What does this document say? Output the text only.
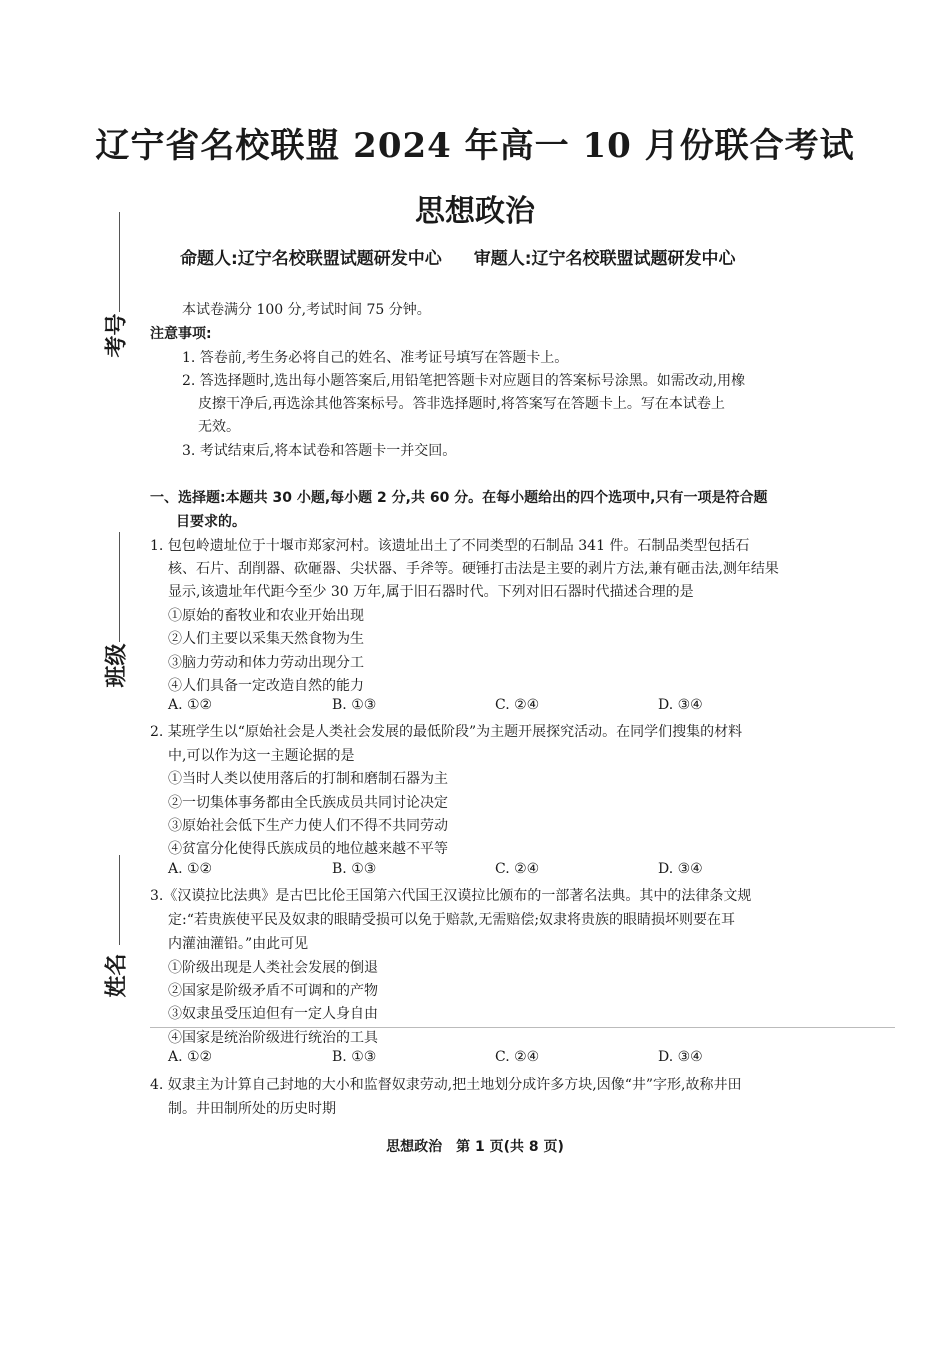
辽宁省名校联盟 2024 年高一 10 月份联合考试
思想政治
命题人:辽宁名校联盟试题研发中心 审题人:辽宁名校联盟试题研发中心
考号
班级
姓名
本试卷满分 100 分,考试时间 75 分钟。
注意事项:
1. 答卷前,考生务必将自己的姓名、准考证号填写在答题卡上。
2. 答选择题时,选出每小题答案后,用铅笔把答题卡对应题目的答案标号涂黑。如需改动,用橡
皮擦干净后,再选涂其他答案标号。答非选择题时,将答案写在答题卡上。写在本试卷上
无效。
3. 考试结束后,将本试卷和答题卡一并交回。
一、选择题:本题共 30 小题,每小题 2 分,共 60 分。在每小题给出的四个选项中,只有一项是符合题
目要求的。
1. 包包岭遗址位于十堰市郑家河村。该遗址出土了不同类型的石制品 341 件。石制品类型包括石
核、石片、刮削器、砍砸器、尖状器、手斧等。硬锤打击法是主要的剥片方法,兼有砸击法,测年结果
显示,该遗址年代距今至少 30 万年,属于旧石器时代。下列对旧石器时代描述合理的是
①原始的畜牧业和农业开始出现
②人们主要以采集天然食物为生
③脑力劳动和体力劳动出现分工
④人们具备一定改造自然的能力
A. ①②	B. ①③	C. ②④	D. ③④
2. 某班学生以“原始社会是人类社会发展的最低阶段”为主题开展探究活动。在同学们搜集的材料
中,可以作为这一主题论据的是
①当时人类以使用落后的打制和磨制石器为主
②一切集体事务都由全氏族成员共同讨论决定
③原始社会低下生产力使人们不得不共同劳动
④贫富分化使得氏族成员的地位越来越不平等
A. ①②	B. ①③	C. ②④	D. ③④
3.《汉谟拉比法典》是古巴比伦王国第六代国王汉谟拉比颁布的一部著名法典。其中的法律条文规
定:“若贵族使平民及奴隶的眼睛受损可以免于赔款,无需赔偿;奴隶将贵族的眼睛损坏则要在耳
内灌油灌铅。”由此可见
①阶级出现是人类社会发展的倒退
②国家是阶级矛盾不可调和的产物
③奴隶虽受压迫但有一定人身自由
④国家是统治阶级进行统治的工具
A. ①②	B. ①③	C. ②④	D. ③④
4. 奴隶主为计算自己封地的大小和监督奴隶劳动,把土地划分成许多方块,因像“井”字形,故称井田
制。井田制所处的历史时期
思想政治　第 1 页(共 8 页)
